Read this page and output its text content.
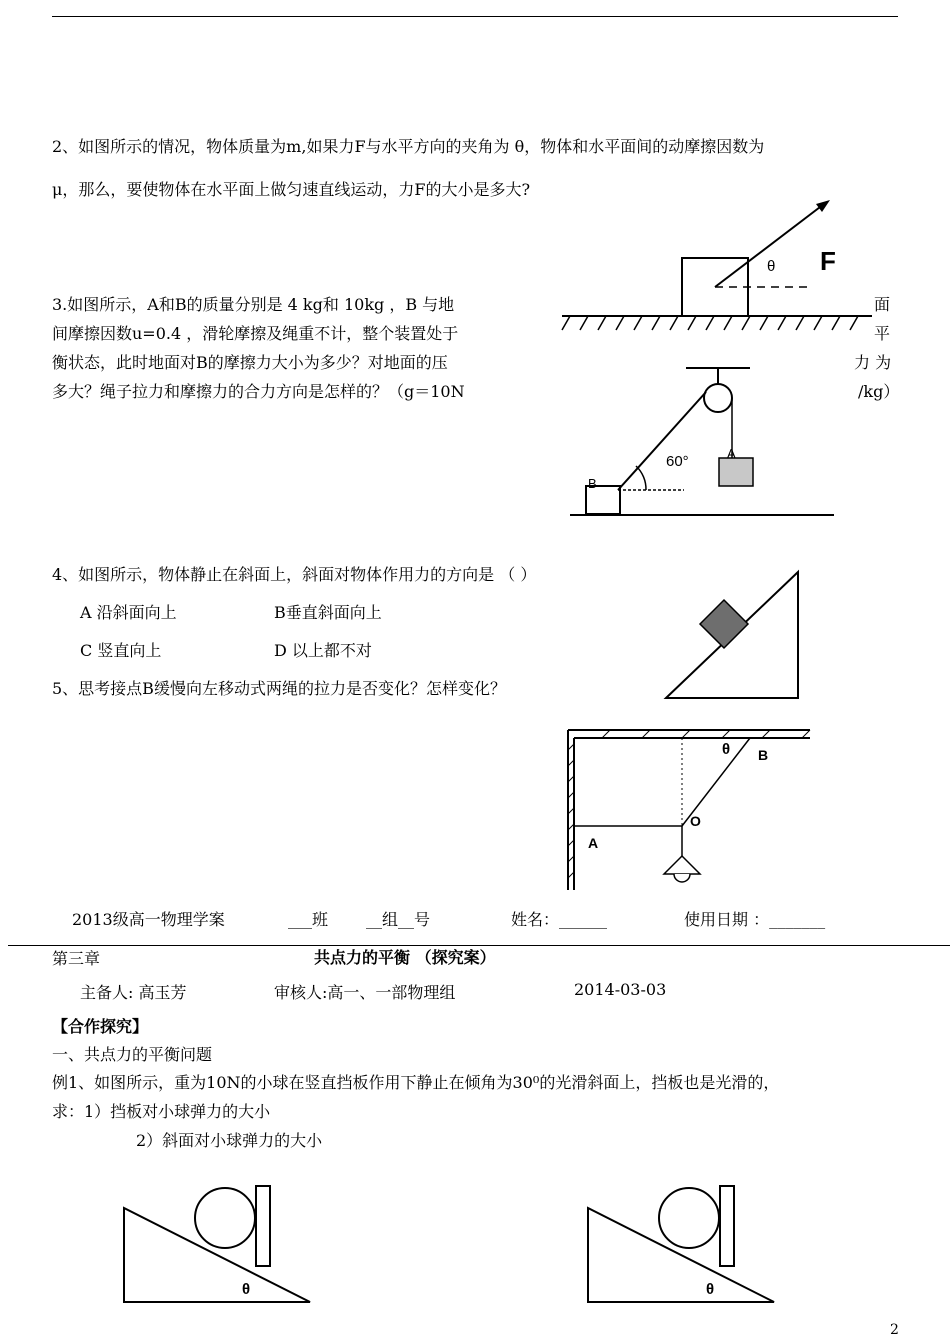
2、如图所示的情况，物体质量为m,如果力F与水平方向的夹角为 θ，物体和水平面间的动摩擦因数为
μ，那么，要使物体在水平面上做匀速直线运动，力F的大小是多大?
θ F
3.如图所示，A和B的质量分别是 4 kg和 10kg ，B 与地	面
间摩擦因数u=0.4 ，滑轮摩擦及绳重不计，整个装置处于	平
衡状态，此时地面对B的摩擦力大小为多少？对地面的压	力 为
多大？绳子拉力和摩擦力的合力方向是怎样的？（g＝10N	/kg）
A
60°
B
4、如图所示，物体静止在斜面上，斜面对物体作用力的方向是 （ ）
A 沿斜面向上	B垂直斜面向上
C 竖直向上	D 以上都不对
5、思考接点B缓慢向左移动式两绳的拉力是否变化？怎样变化？
θ B
O
A
2013级高一物理学案	___班 __组__号	姓名：______	使用日期 ：_______
第三章	共点力的平衡 （探究案）
主备人: 高玉芳	审核人:高一、一部物理组	2014-03-03
【合作探究】
一、共点力的平衡问题
例1、如图所示，重为10N的小球在竖直挡板作用下静止在倾角为30⁰的光滑斜面上，挡板也是光滑的，
求：1）挡板对小球弹力的大小
2）斜面对小球弹力的大小
θ	θ
2
